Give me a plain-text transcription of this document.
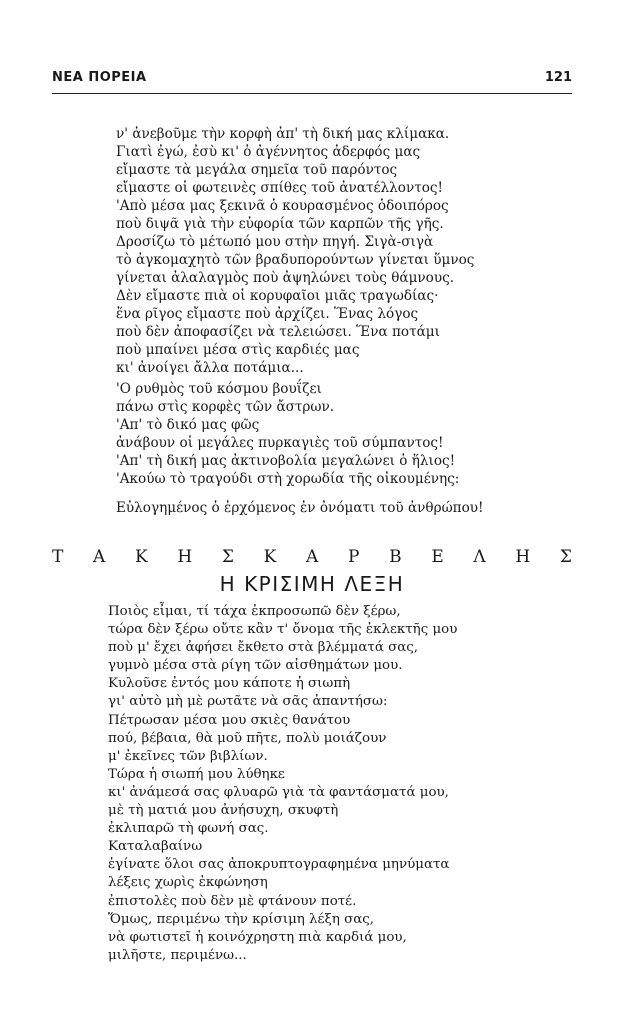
ΝΕΑ ΠΟΡΕΙΑ	121
ν' ἀνεβοῦμε τὴν κορφὴ ἀπ' τὴ δική μας κλίμακα.
Γιατὶ ἐγώ, ἐσὺ κι' ὁ ἀγέννητος ἀδερφός μας
εἴμαστε τὰ μεγάλα σημεῖα τοῦ παρόντος
εἴμαστε οἱ φωτεινὲς σπίθες τοῦ ἀνατέλλοντος!
'Απὸ μέσα μας ξεκινᾶ ὁ κουρασμένος ὁδοιπόρος
ποὺ διψᾶ γιὰ τὴν εὐφορία τῶν καρπῶν τῆς γῆς.
Δροσίζω τὸ μέτωπό μου στὴν πηγή. Σιγὰ-σιγὰ
τὸ ἀγκομαχητὸ τῶν βραδυπορούντων γίνεται ὕμνος
γίνεται ἀλαλαγμὸς ποὺ ἀψηλώνει τοὺς θάμνους.
Δὲν εἴμαστε πιὰ οἱ κορυφαῖοι μιᾶς τραγωδίας·
ἕνα ρῖγος εἴμαστε ποὺ ἀρχίζει. Ἕνας λόγος
ποὺ δὲν ἀποφασίζει νὰ τελειώσει. Ἕνα ποτάμι
ποὺ μπαίνει μέσα στὶς καρδιές μας
κι' ἀνοίγει ἄλλα ποτάμια...
'Ο ρυθμὸς τοῦ κόσμου βουΐζει
πάνω στὶς κορφὲς τῶν ἄστρων.
'Απ' τὸ δικό μας φῶς
ἀνάβουν οἱ μεγάλες πυρκαγιὲς τοῦ σύμπαντος!
'Απ' τὴ δική μας ἀκτινοβολία μεγαλώνει ὁ ἥλιος!
'Ακούω τὸ τραγούδι στὴ χορωδία τῆς οἰκουμένης:
Εὐλογημένος ὁ ἐρχόμενος ἐν ὀνόματι τοῦ ἀνθρώπου!
Τ Α Κ Η Σ Κ Α Ρ Β Ε Λ Η Σ
Η ΚΡΙΣΙΜΗ ΛΕΞΗ
Ποιὸς εἶμαι, τί τάχα ἐκπροσωπῶ δὲν ξέρω,
τώρα δὲν ξέρω οὔτε κἂν τ' ὄνομα τῆς ἐκλεκτῆς μου
ποὺ μ' ἔχει ἀφήσει ἔκθετο στὰ βλέμματά σας,
γυμνὸ μέσα στὰ ρίγη τῶν αἰσθημάτων μου.
Κυλοῦσε ἐντός μου κάποτε ἡ σιωπὴ
γι' αὐτὸ μὴ μὲ ρωτᾶτε νὰ σᾶς ἀπαντήσω:
Πέτρωσαν μέσα μου σκιὲς θανάτου
πού, βέβαια, θὰ μοῦ πῆτε, πολὺ μοιάζουν
μ' ἐκεῖνες τῶν βιβλίων.
Τώρα ἡ σιωπή μου λύθηκε
κι' ἀνάμεσά σας φλυαρῶ γιὰ τὰ φαντάσματά μου,
μὲ τὴ ματιά μου ἀνήσυχη, σκυφτὴ
ἐκλιπαρῶ τὴ φωνή σας.
Καταλαβαίνω
ἐγίνατε ὅλοι σας ἀποκρυπτογραφημένα μηνύματα
λέξεις χωρὶς ἐκφώνηση
ἐπιστολὲς ποὺ δὲν μὲ φτάνουν ποτέ.
Ὅμως, περιμένω τὴν κρίσιμη λέξη σας,
νὰ φωτιστεῖ ἡ κοινόχρηστη πιὰ καρδιά μου,
μιλῆστε, περιμένω...
